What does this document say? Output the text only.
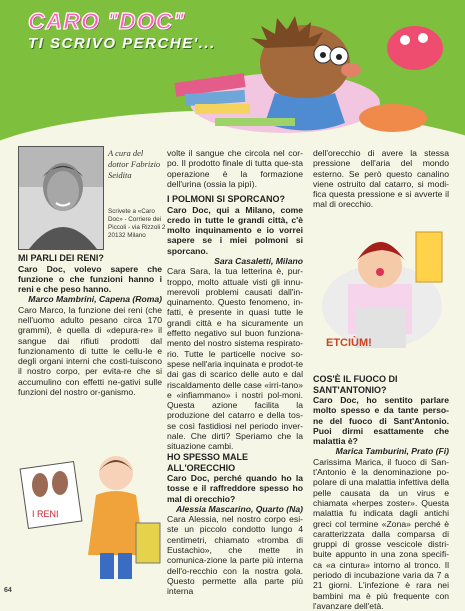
CARO "DOC"
TI SCRIVO PERCHE'...
A cura del dottor Fabrizio Seidita
Scrivete a «Caro Doc» - Corriere dei Piccoli - via Rizzoli 2 20132 Milano

MI PARLI DEI RENI?

Caro Doc, volevo sapere che funzione o che funzioni hanno i reni e che peso hanno.

Marco Mambrini, Capena (Roma)

Caro Marco, la funzione dei reni (che nell'uomo adulto pesano circa 170 grammi), è quella di «depura-re» il sangue dai rifiuti prodotti dal funzionamento di tutte le cellu-le e degli organi interni che costi-tuiscono il nostro corpo, per evita-re che si accumulino con effetti ne-gativi sulle funzioni del nostro or-ganismo.

I RENI

volte il sangue che circola nel cor-po. Il prodotto finale di tutta que-sta operazione è la formazione dell'urina (ossia la pipì).

I POLMONI SI SPORCANO?

Caro Doc, qui a Milano, come credo in tutte le grandi città, c'è molto inquinamento e io vorrei sapere se i miei polmoni si sporcano.

Sara Casaletti, Milano

Cara Sara, la tua letterina è, pur-troppo, molto attuale visti gli innu-merevoli problemi causati dall'in-quinamento. Questo fenomeno, in-fatti, è presente in quasi tutte le grandi città e ha sicuramente un effetto negativo sul buon funziona-mento del nostro sistema respirato-rio. Tutte le particelle nocive so-spese nell'aria inquinata e prodot-te dai gas di scarico delle auto e dal riscaldamento delle case «irri-tano» e «infiammano» i nostri pol-moni. Questa azione facilita la produzione del catarro e della tos-se così fastidiosi nel periodo inver-nale. Che dirti? Speriamo che la situazione cambi.

HO SPESSO MALE ALL'ORECCHIO

Caro Doc, perché quando ho la tosse e il raffreddore spesso ho mal di orecchio?

Alessia Mascarino, Quarto (Na)

Cara Alessia, nel nostro corpo esi-ste un piccolo condotto lungo 4 centimetri, chiamato «tromba di Eustachio», che mette in comunica-zione la parte più interna dell'o-recchio con la nostra gola. Questo permette alla parte più interna

dell'orecchio di avere la stessa pressione dell'aria del mondo esterno. Se però questo canalino viene ostruito dal catarro, si modi-fica questa pressione e si avverte il mal di orecchio.

ETCIÙM!

COS'È IL FUOCO DI SANT'ANTONIO?

Caro Doc, ho sentito parlare molto spesso e da tante perso-ne del fuoco di Sant'Antonio. Puoi dirmi esattamente che malattia è?

Marica Tamburini, Prato (Fi)

Carissima Marica, il fuoco di San-t'Antonio è la denominazione po-polare di una malattia infettiva della pelle causata da un virus e chiamata «herpes zoster». Questa malattia fu indicata dagli antichi greci col termine «Zona» perché è caratterizzata dalla comparsa di gruppi di grosse vescicole distri-buite appunto in una zona specifi-ca «a cintura» intorno al tronco. Il periodo di incubazione varia da 7 a 21 giorni. L'infezione è rara nei bambini ma è più frequente con l'avanzare dell'età.

64
